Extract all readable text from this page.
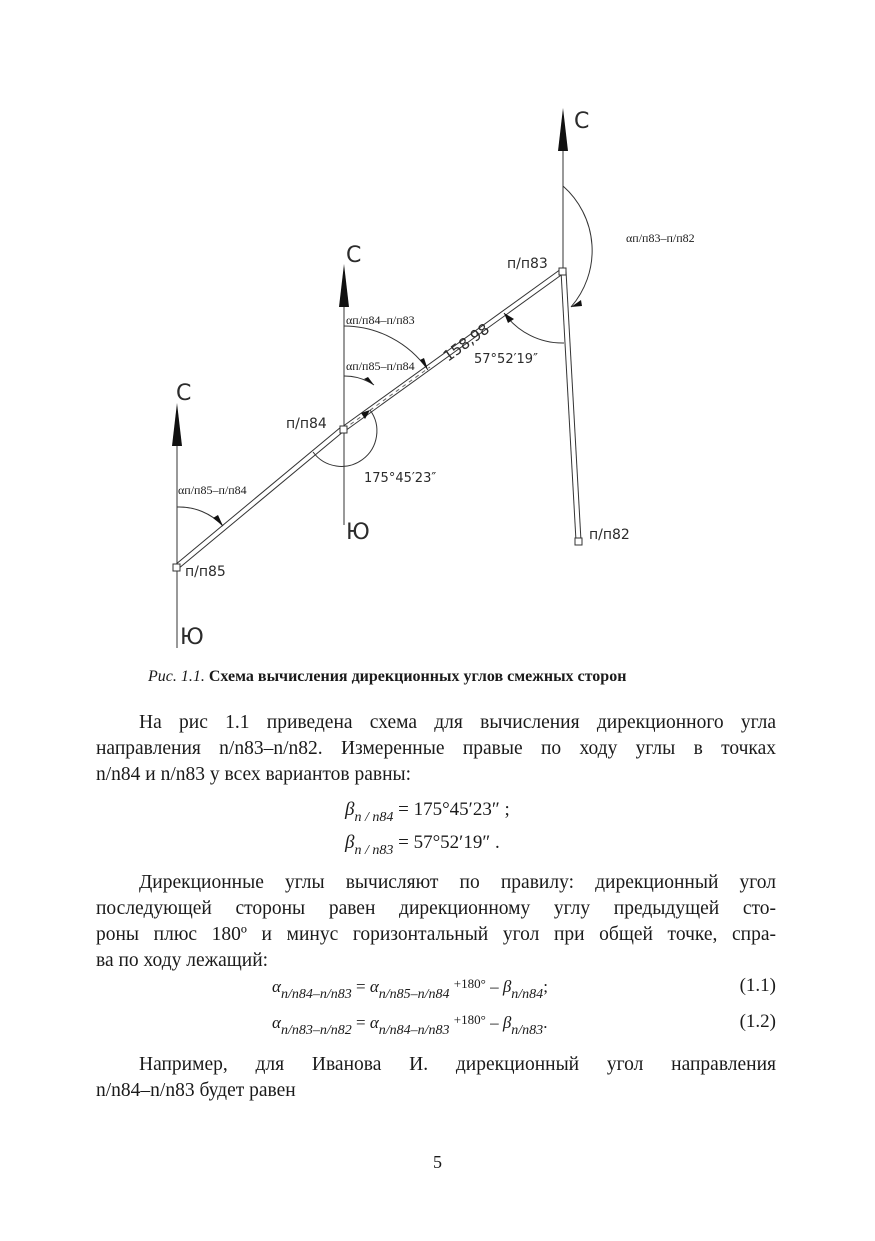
С
С
С
Ю
Ю
п/п85
п/п84
п/п83
п/п82
αп/п85–п/п84
αп/п84–п/п83
αп/п85–п/п84
αп/п83–п/п82
158,98
175°45′23″
57°52′19″
Рис. 1.1. Схема вычисления дирекционных углов смежных сторон
На рис 1.1 приведена схема для вычисления дирекционного угла
направления n/n83–n/n82. Измеренные правые по ходу углы в точках
n/n84 и n/n83 у всех вариантов равны:
$\beta_{n / n84} = 175^\circ 45'23''$ ;
$\beta_{n / n83} = 57^\circ 52'19''$ .
Дирекционные углы вычисляют по правилу: дирекционный угол
последующей стороны равен дирекционному углу предыдущей сто-
роны плюс 180º и минус горизонтальный угол при общей точке, спра-
ва по ходу лежащий:
$\alpha_{n/n84-n/n83} = \alpha_{n/n85-n/n84}$ $^{+180^\circ} - \beta_{n/n84}$;	(1.1)
$\alpha_{n/n83-n/n82} = \alpha_{n/n84-n/n83}$ $^{+180^\circ} - \beta_{n/n83}$.	(1.2)
Например, для Иванова И. дирекционный угол направления
n/n84–n/n83 будет равен
5
